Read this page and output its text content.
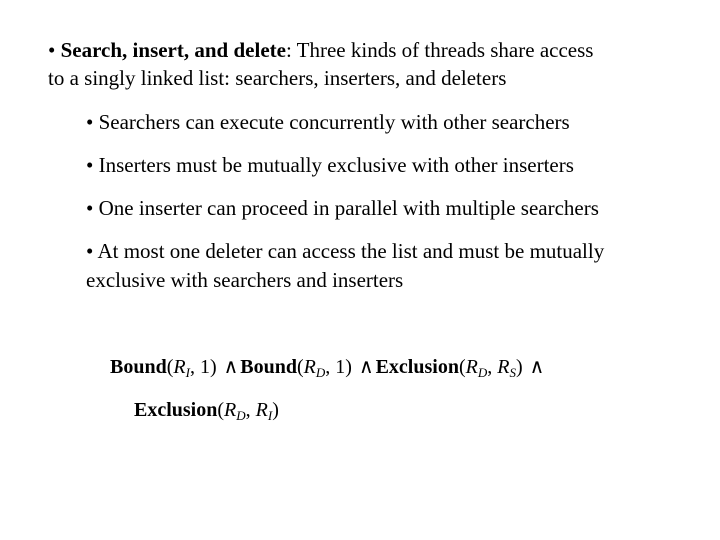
• Search, insert, and delete: Three kinds of threads share access
to a singly linked list: searchers, inserters, and deleters
• Searchers can execute concurrently with other searchers
• Inserters must be mutually exclusive with other inserters
• One inserter can proceed in parallel with multiple searchers
• At most one deleter can access the list and must be mutually exclusive with searchers and inserters
$Bound(R_I$, 1) ∧ $Bound(R_D$, 1) ∧ $Exclusion(R_D$, $R_S$) ∧
$Exclusion(R_D$, $R_I$)
